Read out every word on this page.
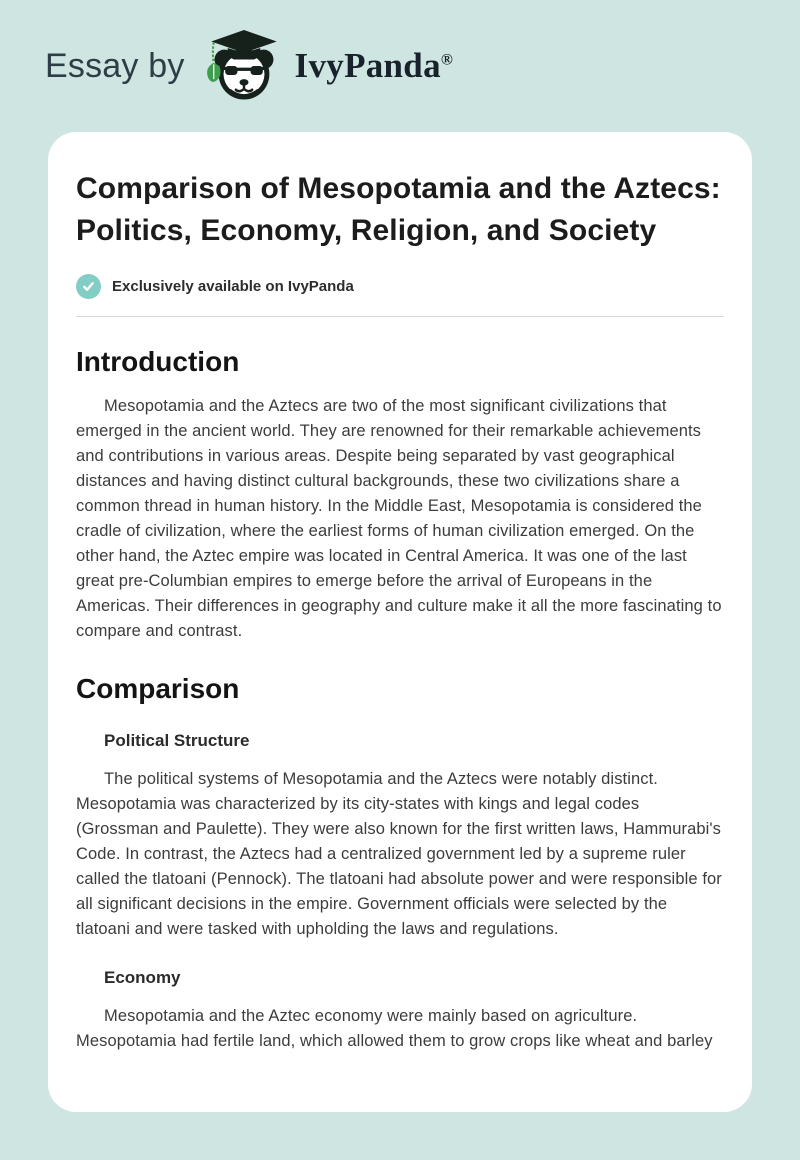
Essay by	IvyPanda®
Comparison of Mesopotamia and the Aztecs: Politics, Economy, Religion, and Society
Exclusively available on IvyPanda
Introduction

Mesopotamia and the Aztecs are two of the most significant civilizations that emerged in the ancient world. They are renowned for their remarkable achievements and contributions in various areas. Despite being separated by vast geographical distances and having distinct cultural backgrounds, these two civilizations share a common thread in human history. In the Middle East, Mesopotamia is considered the cradle of civilization, where the earliest forms of human civilization emerged. On the other hand, the Aztec empire was located in Central America. It was one of the last great pre-Columbian empires to emerge before the arrival of Europeans in the Americas. Their differences in geography and culture make it all the more fascinating to compare and contrast.

Comparison
Political Structure

The political systems of Mesopotamia and the Aztecs were notably distinct. Mesopotamia was characterized by its city-states with kings and legal codes (Grossman and Paulette). They were also known for the first written laws, Hammurabi's Code. In contrast, the Aztecs had a centralized government led by a supreme ruler called the tlatoani (Pennock). The tlatoani had absolute power and were responsible for all significant decisions in the empire. Government officials were selected by the tlatoani and were tasked with upholding the laws and regulations.

Economy

Mesopotamia and the Aztec economy were mainly based on agriculture. Mesopotamia had fertile land, which allowed them to grow crops like wheat and barley
